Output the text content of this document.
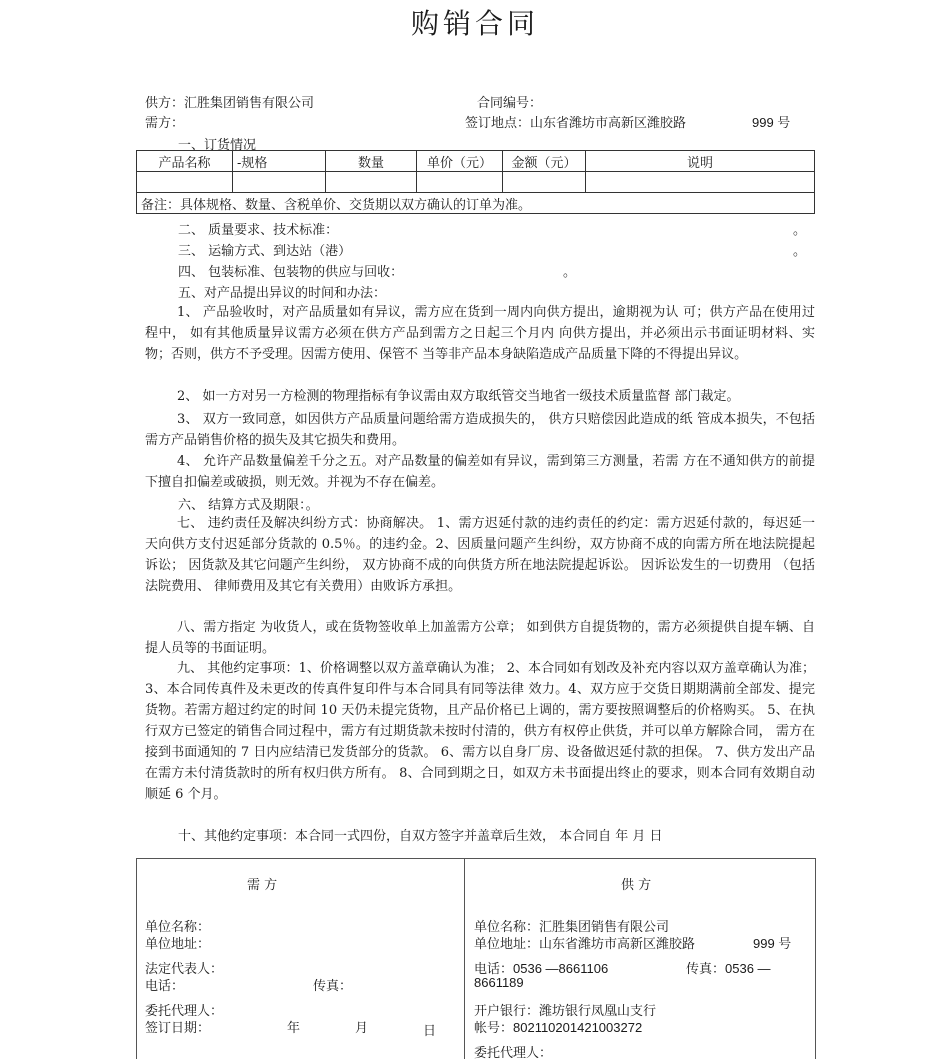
购销合同
供方：汇胜集团销售有限公司	合同编号：
需方：	签订地点：山东省潍坊市高新区潍胶路	999 号
一、订货情况
产品名称	-规格	数量	单价（元）	金额（元）	说明

备注：具体规格、数量、含税单价、交货期以双方确认的订单为准。					
二、 质量要求、技术标准：	。
三、 运输方式、到达站（港）	。
四、 包装标准、包装物的供应与回收：	。
五、对产品提出异议的时间和办法：
1、 产品验收时，对产品质量如有异议，需方应在货到一周内向供方提出，逾期视为认 可；供方产品在使用过程中， 如有其他质量异议需方必须在供方产品到需方之日起三个月内 向供方提出，并必须出示书面证明材料、实物；否则，供方不予受理。因需方使用、保管不 当等非产品本身缺陷造成产品质量下降的不得提出异议。
2、 如一方对另一方检测的物理指标有争议需由双方取纸管交当地省一级技术质量监督 部门裁定。
3、 双方一致同意，如因供方产品质量问题给需方造成损失的， 供方只赔偿因此造成的纸 管成本损失，不包括需方产品销售价格的损失及其它损失和费用。
4、 允许产品数量偏差千分之五。对产品数量的偏差如有异议，需到第三方测量，若需 方在不通知供方的前提下擅自扣偏差或破损，则无效。并视为不存在偏差。
六、 结算方式及期限：。
七、 违约责任及解决纠纷方式：协商解决。 1、需方迟延付款的违约责任的约定：需方迟延付款的，每迟延一天向供方支付迟延部分货款的 0.5％。的违约金。2、因质量问题产生纠纷，双方协商不成的向需方所在地法院提起诉讼； 因货款及其它问题产生纠纷， 双方协商不成的向供货方所在地法院提起诉讼。 因诉讼发生的一切费用 （包括法院费用、 律师费用及其它有关费用）由败诉方承担。
八、需方指定 为收货人，或在货物签收单上加盖需方公章； 如到供方自提货物的，需方必须提供自提车辆、自提人员等的书面证明。
九、 其他约定事项：1、价格调整以双方盖章确认为准； 2、本合同如有划改及补充内容以双方盖章确认为准；3、本合同传真件及未更改的传真件复印件与本合同具有同等法律 效力。4、双方应于交货日期期满前全部发、提完货物。若需方超过约定的时间 10 天仍未提完货物，且产品价格已上调的，需方要按照调整后的价格购买。 5、在执行双方已签定的销售合同过程中，需方有过期货款未按时付清的，供方有权停止供货，并可以单方解除合同， 需方在接到书面通知的 7 日内应结清已发货部分的货款。 6、需方以自身厂房、设备做迟延付款的担保。 7、供方发出产品在需方未付清货款时的所有权归供方所有。 8、合同到期之日，如双方未书面提出终止的要求，则本合同有效期自动顺延 6 个月。
十、其他约定事项：本合同一式四份，自双方签字并盖章后生效， 本合同自 年 月 日
需 方	供 方
单位名称：
单位地址：
法定代表人：
电话：	传真：
委托代理人：
签订日期：	年	月	日
单位名称：汇胜集团销售有限公司
单位地址：山东省潍坊市高新区潍胶路	999 号
电话：0536 —8661106	传真：0536 —
8661189
开户银行：潍坊银行凤凰山支行
帐号：802110201421003272
委托代理人：
